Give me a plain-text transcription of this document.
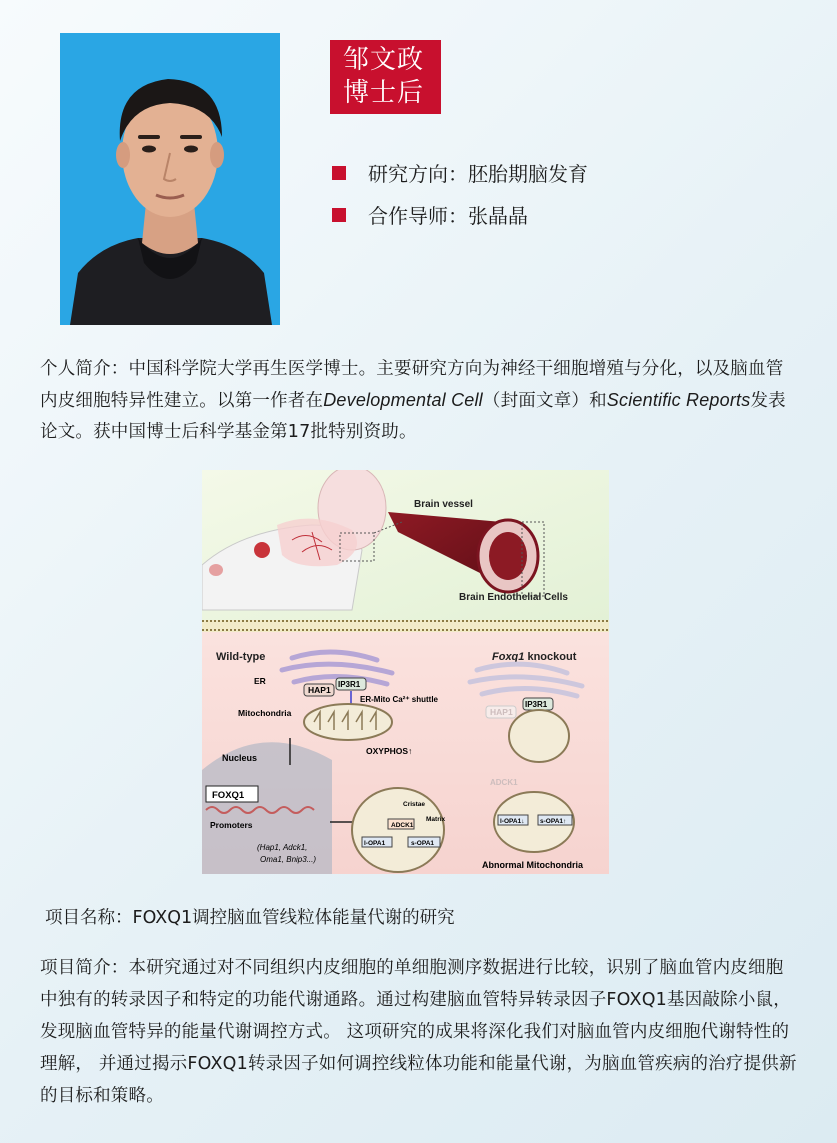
邹文政
博士后
研究方向： 胚胎期脑发育
合作导师： 张晶晶
个人简介：中国科学院大学再生医学博士。主要研究方向为神经干细胞增殖与分化，以及脑血管内皮细胞特异性建立。以第一作者在Developmental Cell（封面文章）和Scientific Reports发表论文。获中国博士后科学基金第17批特别资助。
Brain vessel
Brain Endothelial Cells
Wild-type	Foxq1 knockout
ER
HAP1
IP3R1
ER-Mito Ca²⁺ shuttle
Mitochondria
OXYPHOS↑
Nucleus
FOXQ1
Promoters
(Hap1, Adck1,
Oma1, Bnip3...)
Cristae
Matrix
ADCK1
l-OPA1	s-OPA1
HAP1
IP3R1
ADCK1
l-OPA1↓ s-OPA1↑
Abnormal Mitochondria
项目名称：FOXQ1调控脑血管线粒体能量代谢的研究
项目简介：本研究通过对不同组织内皮细胞的单细胞测序数据进行比较，识别了脑血管内皮细胞中独有的转录因子和特定的功能代谢通路。通过构建脑血管特异转录因子FOXQ1基因敲除小鼠，发现脑血管特异的能量代谢调控方式。 这项研究的成果将深化我们对脑血管内皮细胞代谢特性的理解， 并通过揭示FOXQ1转录因子如何调控线粒体功能和能量代谢，为脑血管疾病的治疗提供新的目标和策略。
